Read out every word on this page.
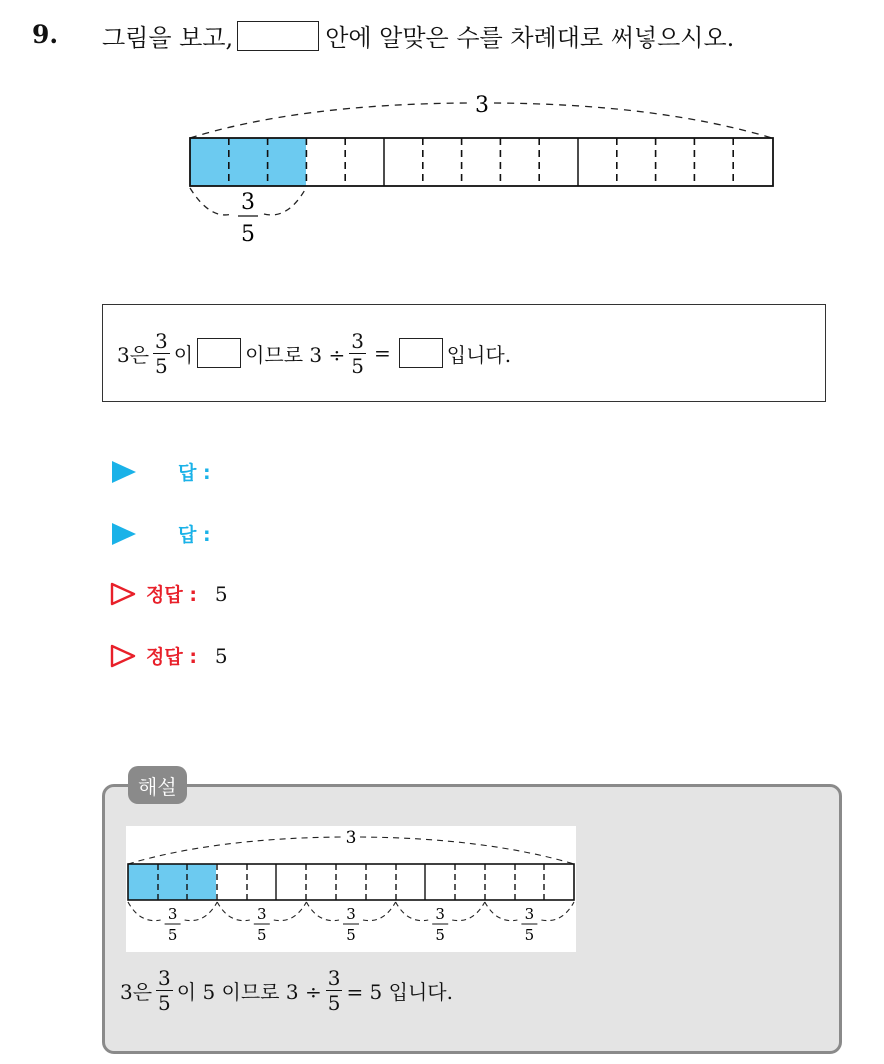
9. 그림을 보고,	안에 알맞은 수를 차례대로 써넣으시오.
3
3
5
3은 $\frac{3}{5}$ 이	이므로 $3 \div \frac{3}{5}$ =	입니다.
답 :
답 :
정답 : 5
정답 : 5
해설
3
3
5
3
5
3
5
3
5
3
5
3은 $\frac{3}{5}$ 이 5 이므로 $3 \div \frac{3}{5} = 5$ 입니다.
